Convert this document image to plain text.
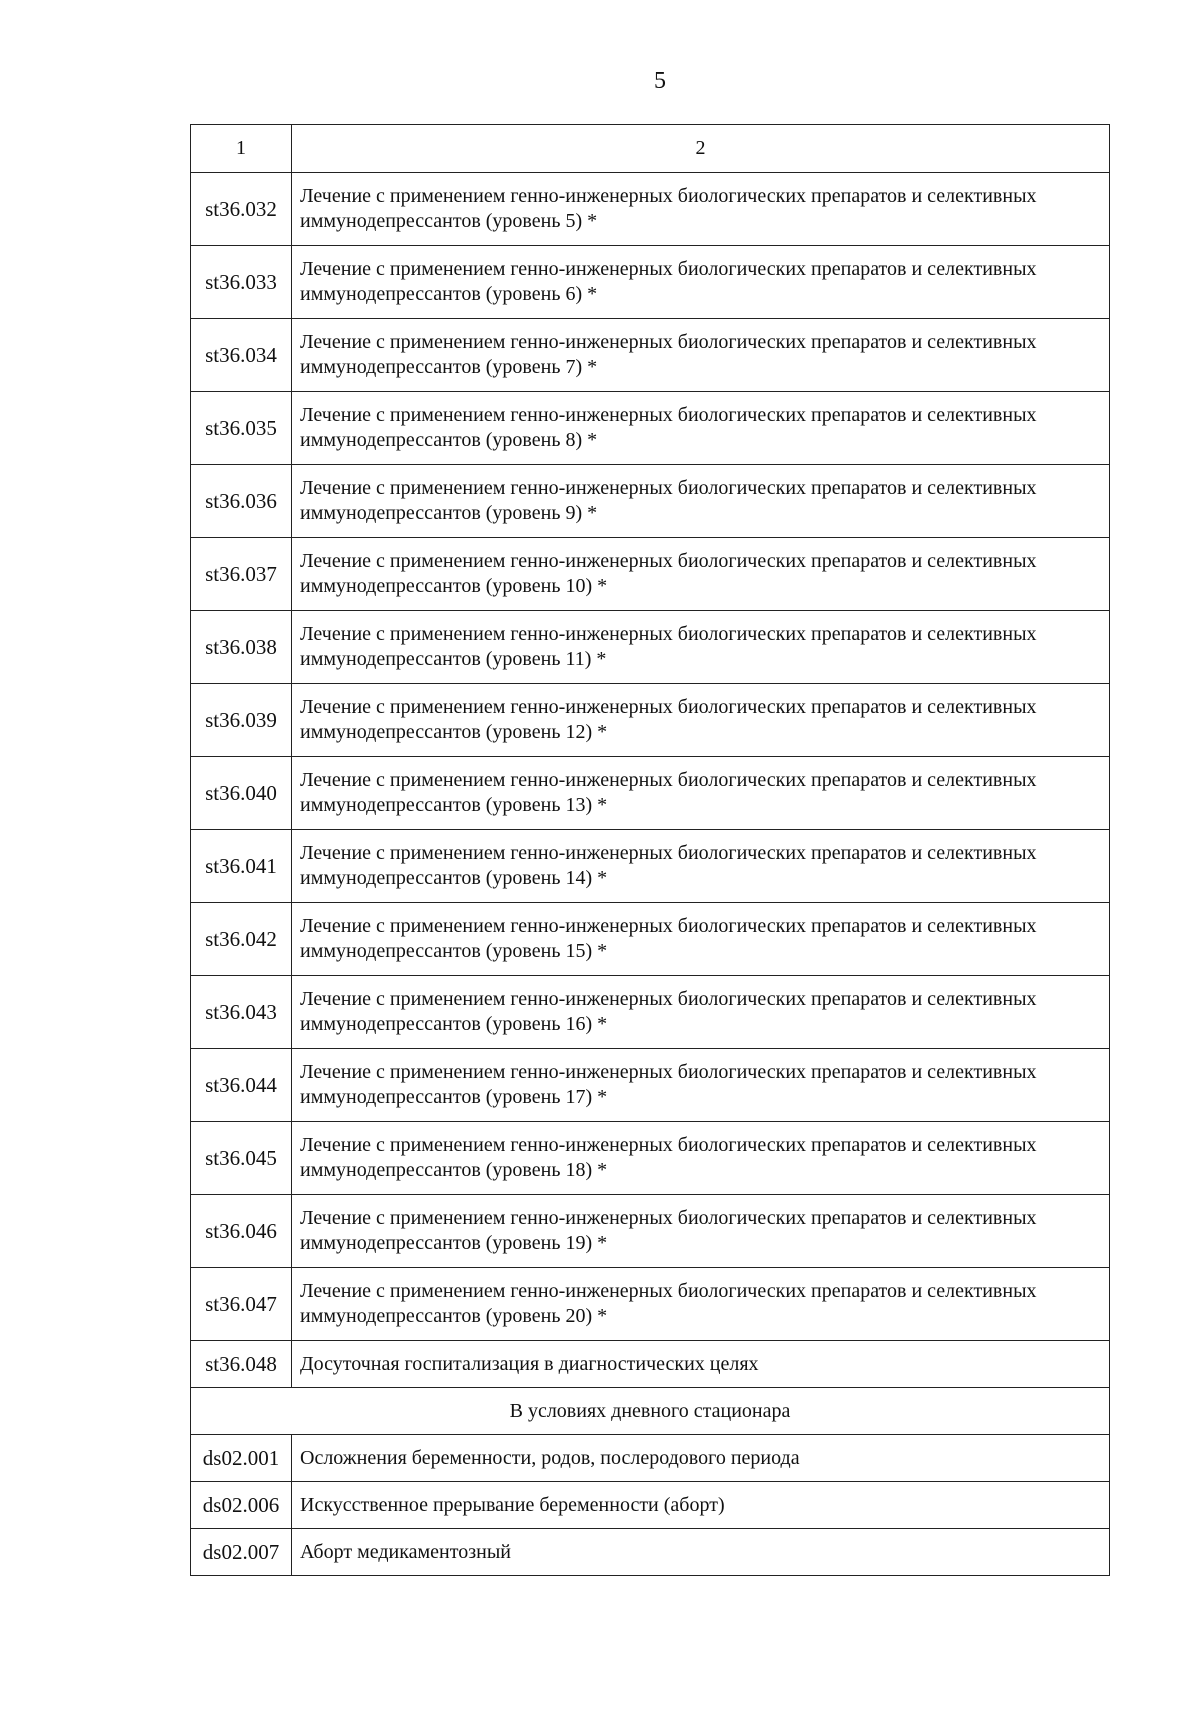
5
1	2
st36.032	Лечение с применением генно-инженерных биологических препаратов и селективных иммунодепрессантов (уровень 5) *
st36.033	Лечение с применением генно-инженерных биологических препаратов и селективных иммунодепрессантов (уровень 6) *
st36.034	Лечение с применением генно-инженерных биологических препаратов и селективных иммунодепрессантов (уровень 7) *
st36.035	Лечение с применением генно-инженерных биологических препаратов и селективных иммунодепрессантов (уровень 8) *
st36.036	Лечение с применением генно-инженерных биологических препаратов и селективных иммунодепрессантов (уровень 9) *
st36.037	Лечение с применением генно-инженерных биологических препаратов и селективных иммунодепрессантов (уровень 10) *
st36.038	Лечение с применением генно-инженерных биологических препаратов и селективных иммунодепрессантов (уровень 11) *
st36.039	Лечение с применением генно-инженерных биологических препаратов и селективных иммунодепрессантов (уровень 12) *
st36.040	Лечение с применением генно-инженерных биологических препаратов и селективных иммунодепрессантов (уровень 13) *
st36.041	Лечение с применением генно-инженерных биологических препаратов и селективных иммунодепрессантов (уровень 14) *
st36.042	Лечение с применением генно-инженерных биологических препаратов и селективных иммунодепрессантов (уровень 15) *
st36.043	Лечение с применением генно-инженерных биологических препаратов и селективных иммунодепрессантов (уровень 16) *
st36.044	Лечение с применением генно-инженерных биологических препаратов и селективных иммунодепрессантов (уровень 17) *
st36.045	Лечение с применением генно-инженерных биологических препаратов и селективных иммунодепрессантов (уровень 18) *
st36.046	Лечение с применением генно-инженерных биологических препаратов и селективных иммунодепрессантов (уровень 19) *
st36.047	Лечение с применением генно-инженерных биологических препаратов и селективных иммунодепрессантов (уровень 20) *
st36.048	Досуточная госпитализация в диагностических целях
В условиях дневного стационара	
ds02.001	Осложнения беременности, родов, послеродового периода
ds02.006	Искусственное прерывание беременности (аборт)
ds02.007	Аборт медикаментозный
